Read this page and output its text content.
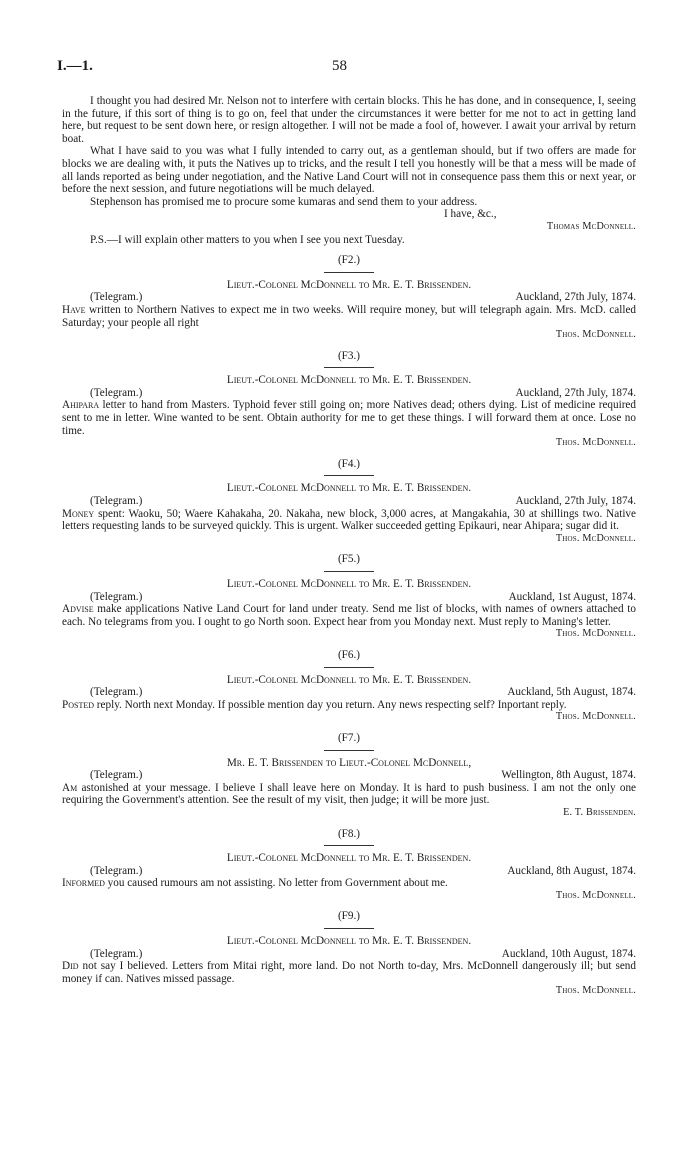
I.—1.	58

I thought you had desired Mr. Nelson not to interfere with certain blocks. This he has done, and in consequence, I, seeing in the future, if this sort of thing is to go on, feel that under the circumstances it were better for me not to act in getting land here, but request to be sent down here, or resign altogether. I will not be made a fool of, however. I await your arrival by return boat.

What I have said to you was what I fully intended to carry out, as a gentleman should, but if two offers are made for blocks we are dealing with, it puts the Natives up to tricks, and the result I tell you honestly will be that a mess will be made of all lands reported as being under negotiation, and the Native Land Court will not in consequence pass them this or next year, or before the next session, and future negotiations will be much delayed.

Stephenson has promised me to procure some kumaras and send them to your address.

I have, &c.,

Thomas McDonnell.

P.S.—I will explain other matters to you when I see you next Tuesday.

(F2.)

Lieut.-Colonel McDonnell to Mr. E. T. Brissenden.

(Telegram.)	Auckland, 27th July, 1874.

Have written to Northern Natives to expect me in two weeks. Will require money, but will telegraph again. Mrs. McD. called Saturday; your people all right

Thos. McDonnell.

(F3.)

Lieut.-Colonel McDonnell to Mr. E. T. Brissenden.

(Telegram.)	Auckland, 27th July, 1874.

Ahipara letter to hand from Masters. Typhoid fever still going on; more Natives dead; others dying. List of medicine required sent to me in letter. Wine wanted to be sent. Obtain authority for me to get these things. I will forward them at once. Lose no time.

Thos. McDonnell.

(F4.)

Lieut.-Colonel McDonnell to Mr. E. T. Brissenden.

(Telegram.)	Auckland, 27th July, 1874.

Money spent: Waoku, 50; Waere Kahakaha, 20. Nakaha, new block, 3,000 acres, at Mangakahia, 30 at shillings two. Native letters requesting lands to be surveyed quickly. This is urgent. Walker succeeded getting Epikauri, near Ahipara; sugar did it.

Thos. McDonnell.

(F5.)

Lieut.-Colonel McDonnell to Mr. E. T. Brissenden.

(Telegram.)	Auckland, 1st August, 1874.

Advise make applications Native Land Court for land under treaty. Send me list of blocks, with names of owners attached to each. No telegrams from you. I ought to go North soon. Expect hear from you Monday next. Must reply to Maning's letter.

Thos. McDonnell.

(F6.)

Lieut.-Colonel McDonnell to Mr. E. T. Brissenden.

(Telegram.)	Auckland, 5th August, 1874.

Posted reply. North next Monday. If possible mention day you return. Any news respecting self? Inportant reply.

Thos. McDonnell.

(F7.)

Mr. E. T. Brissenden to Lieut.-Colonel McDonnell,

(Telegram.)	Wellington, 8th August, 1874.

Am astonished at your message. I believe I shall leave here on Monday. It is hard to push business. I am not the only one requiring the Government's attention. See the result of my visit, then judge; it will be more just.

E. T. Brissenden.

(F8.)

Lieut.-Colonel McDonnell to Mr. E. T. Brissenden.

(Telegram.)	Auckland, 8th August, 1874.

Informed you caused rumours am not assisting. No letter from Government about me.

Thos. McDonnell.

(F9.)

Lieut.-Colonel McDonnell to Mr. E. T. Brissenden.

(Telegram.)	Auckland, 10th August, 1874.

Did not say I believed. Letters from Mitai right, more land. Do not North to-day, Mrs. McDonnell dangerously ill; but send money if can. Natives missed passage.

Thos. McDonnell.
